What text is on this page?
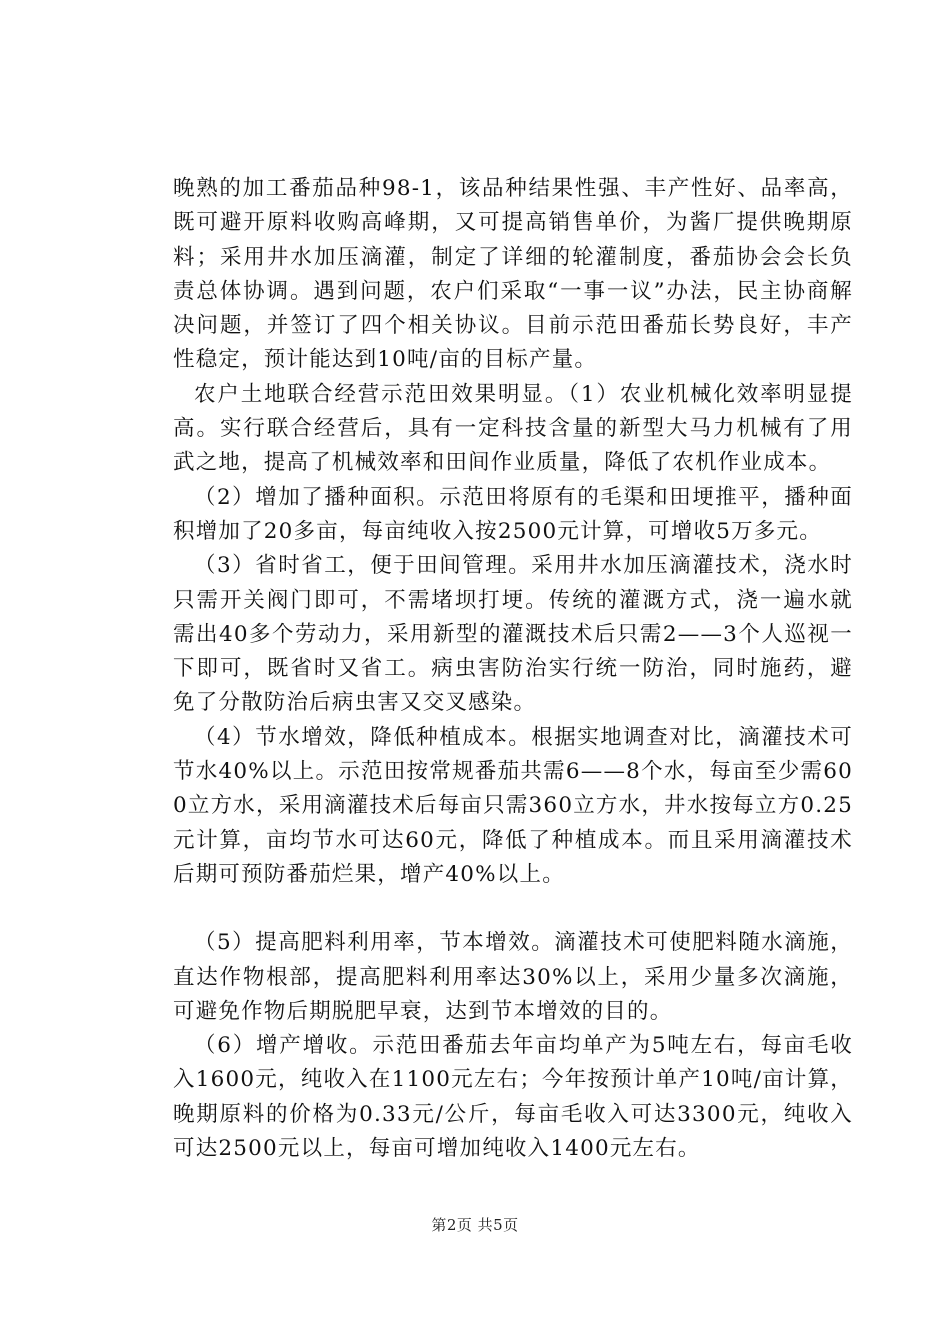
晚熟的加工番茄品种98-1，该品种结果性强、丰产性好、品率高，既可避开原料收购高峰期，又可提高销售单价，为酱厂提供晚期原料；采用井水加压滴灌，制定了详细的轮灌制度，番茄协会会长负责总体协调。遇到问题，农户们采取“一事一议”办法，民主协商解决问题，并签订了四个相关协议。目前示范田番茄长势良好，丰产性稳定，预计能达到10吨/亩的目标产量。

农户土地联合经营示范田效果明显。（1）农业机械化效率明显提高。实行联合经营后，具有一定科技含量的新型大马力机械有了用武之地，提高了机械效率和田间作业质量，降低了农机作业成本。

（2）增加了播种面积。示范田将原有的毛渠和田埂推平，播种面积增加了20多亩，每亩纯收入按2500元计算，可增收5万多元。

（3）省时省工，便于田间管理。采用井水加压滴灌技术，浇水时只需开关阀门即可，不需堵坝打埂。传统的灌溉方式，浇一遍水就需出40多个劳动力，采用新型的灌溉技术后只需2——3个人巡视一下即可，既省时又省工。病虫害防治实行统一防治，同时施药，避免了分散防治后病虫害又交叉感染。

（4）节水增效，降低种植成本。根据实地调查对比，滴灌技术可节水40%以上。示范田按常规番茄共需6——8个水，每亩至少需600立方水，采用滴灌技术后每亩只需360立方水，井水按每立方0.25元计算，亩均节水可达60元，降低了种植成本。而且采用滴灌技术后期可预防番茄烂果，增产40%以上。

（5）提高肥料利用率，节本增效。滴灌技术可使肥料随水滴施，直达作物根部，提高肥料利用率达30%以上，采用少量多次滴施，可避免作物后期脱肥早衰，达到节本增效的目的。

（6）增产增收。示范田番茄去年亩均单产为5吨左右，每亩毛收入1600元，纯收入在1100元左右；今年按预计单产10吨/亩计算，晚期原料的价格为0.33元/公斤，每亩毛收入可达3300元，纯收入可达2500元以上，每亩可增加纯收入1400元左右。

第2页 共5页
